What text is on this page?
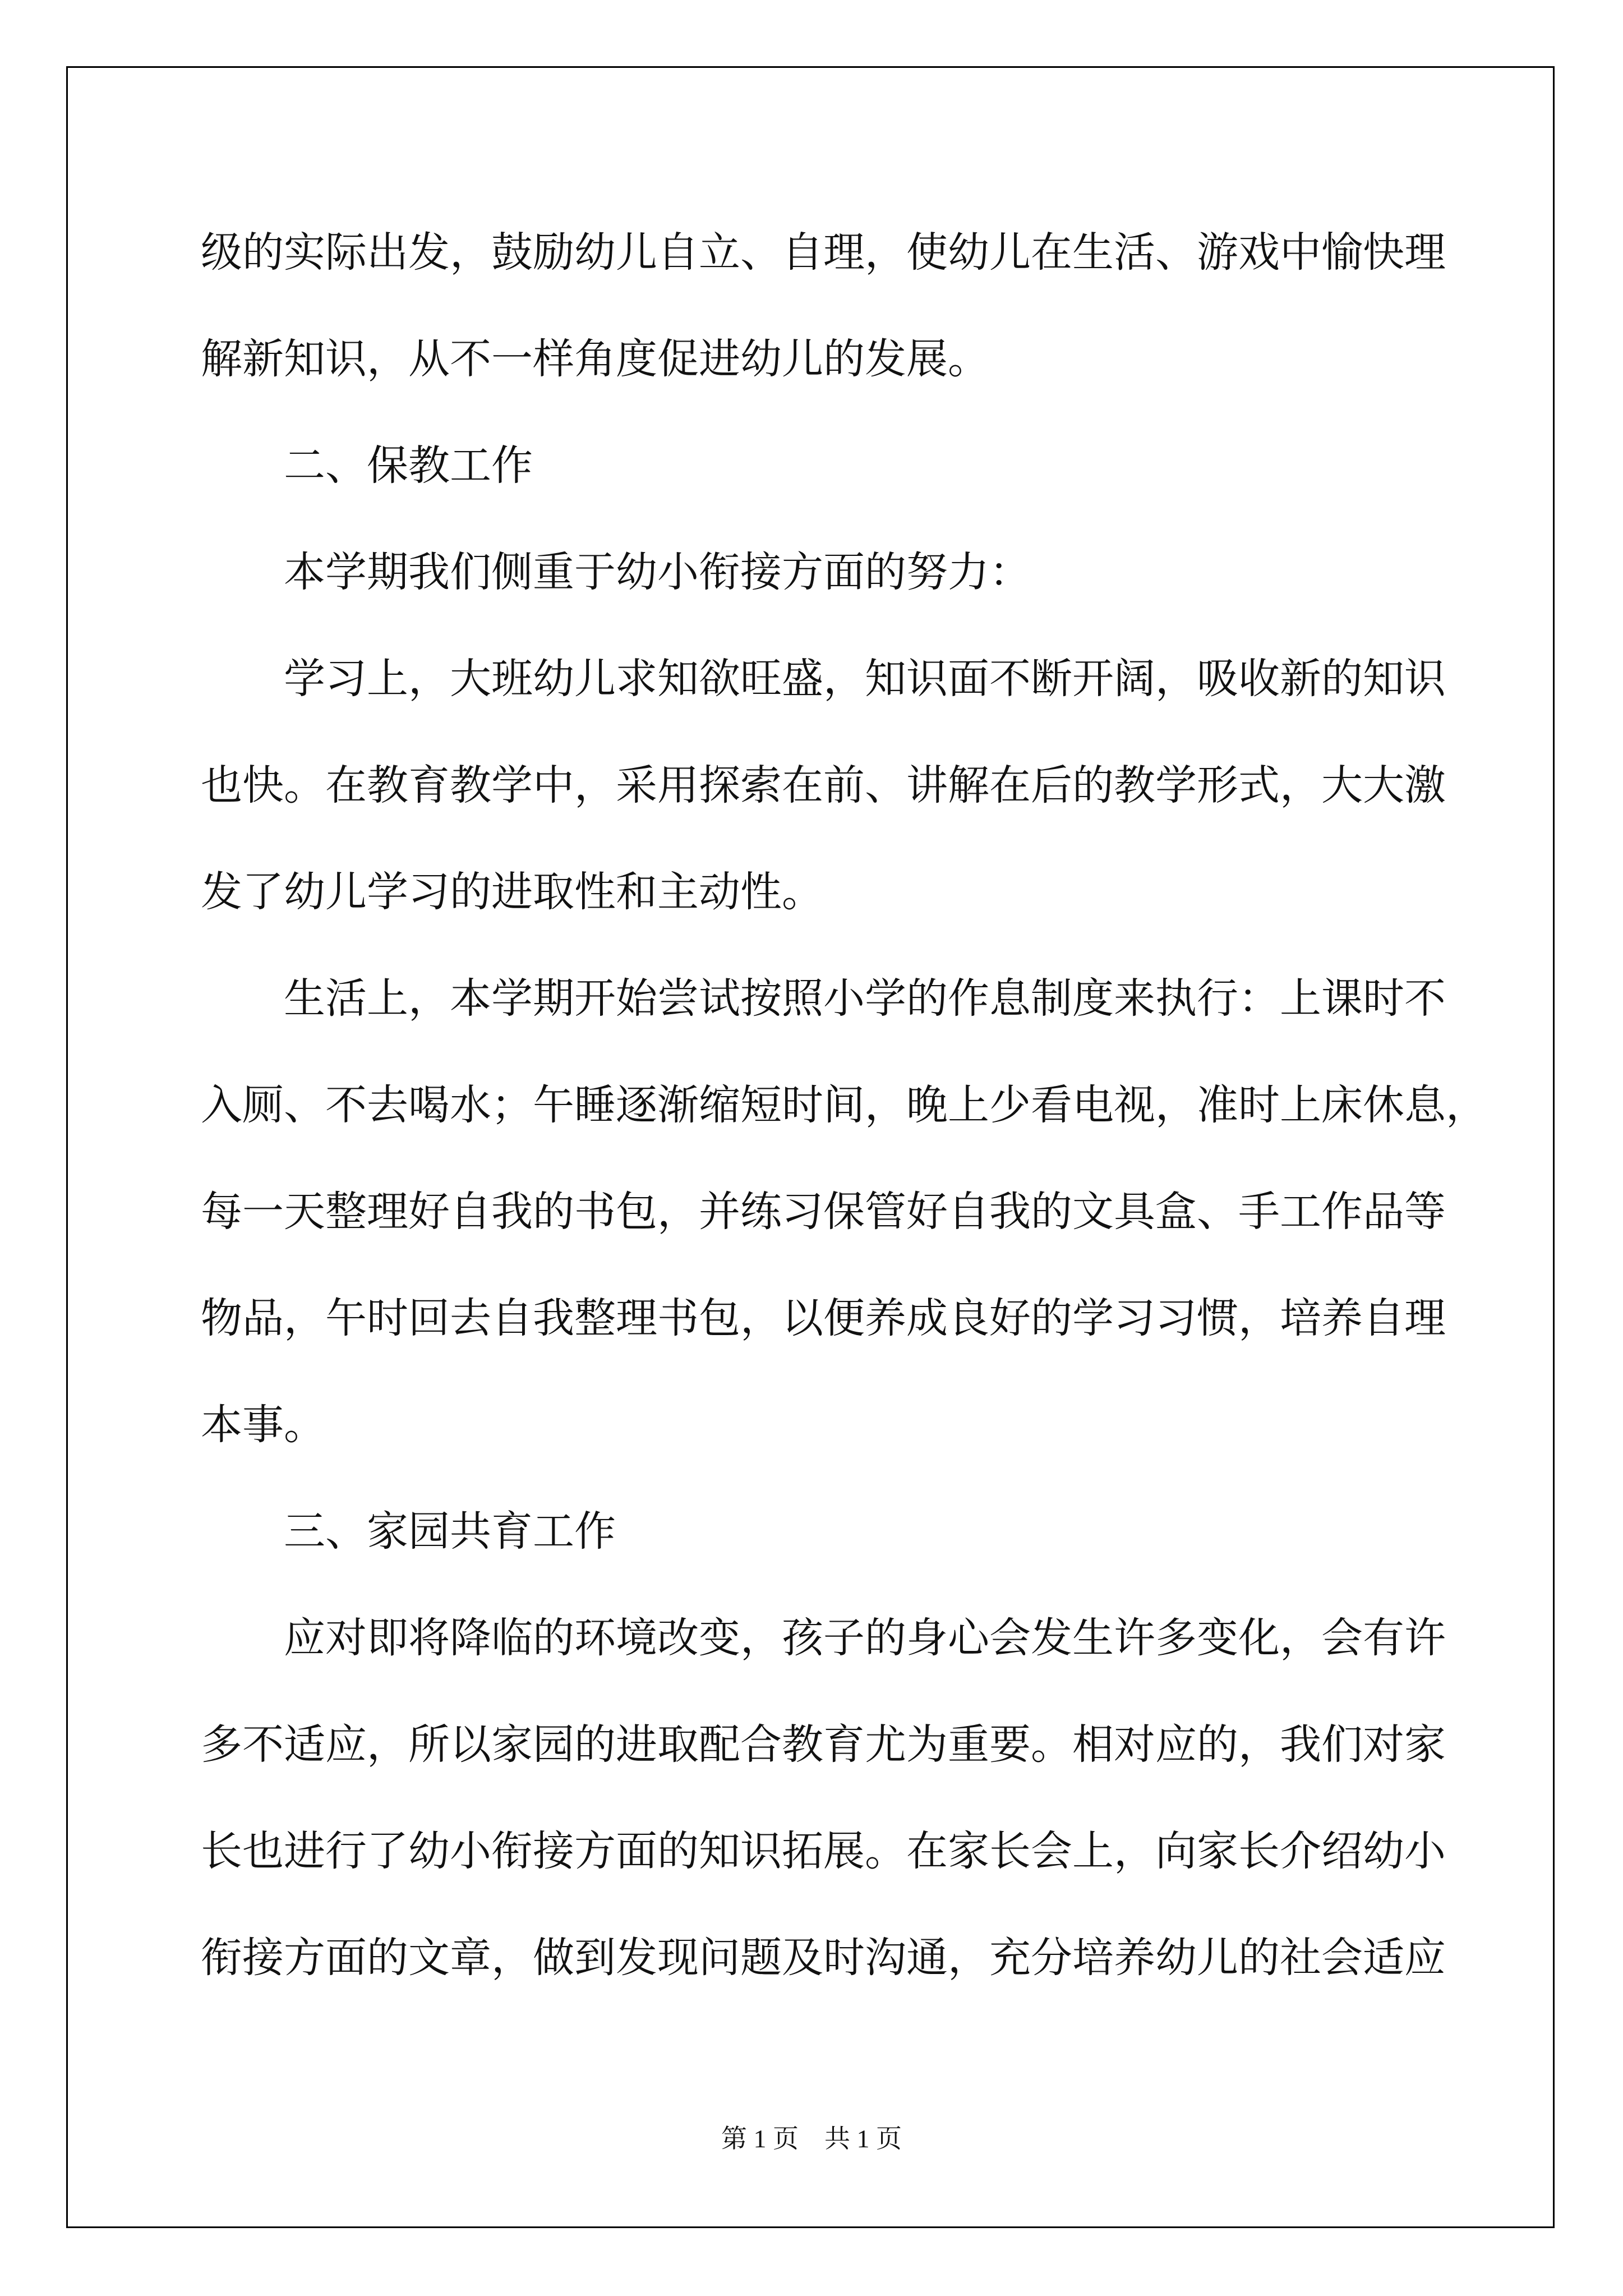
级的实际出发，鼓励幼儿自立、自理，使幼儿在生活、游戏中愉快理
解新知识，从不一样角度促进幼儿的发展。
二、保教工作
本学期我们侧重于幼小衔接方面的努力：
学习上，大班幼儿求知欲旺盛，知识面不断开阔，吸收新的知识
也快。在教育教学中，采用探索在前、讲解在后的教学形式，大大激
发了幼儿学习的进取性和主动性。
生活上，本学期开始尝试按照小学的作息制度来执行：上课时不
入厕、不去喝水；午睡逐渐缩短时间，晚上少看电视，准时上床休息，
每一天整理好自我的书包，并练习保管好自我的文具盒、手工作品等
物品，午时回去自我整理书包，以便养成良好的学习习惯，培养自理
本事。
三、家园共育工作
应对即将降临的环境改变，孩子的身心会发生许多变化，会有许
多不适应，所以家园的进取配合教育尤为重要。相对应的，我们对家
长也进行了幼小衔接方面的知识拓展。在家长会上，向家长介绍幼小
衔接方面的文章，做到发现问题及时沟通，充分培养幼儿的社会适应
第 1 页　共 1 页
